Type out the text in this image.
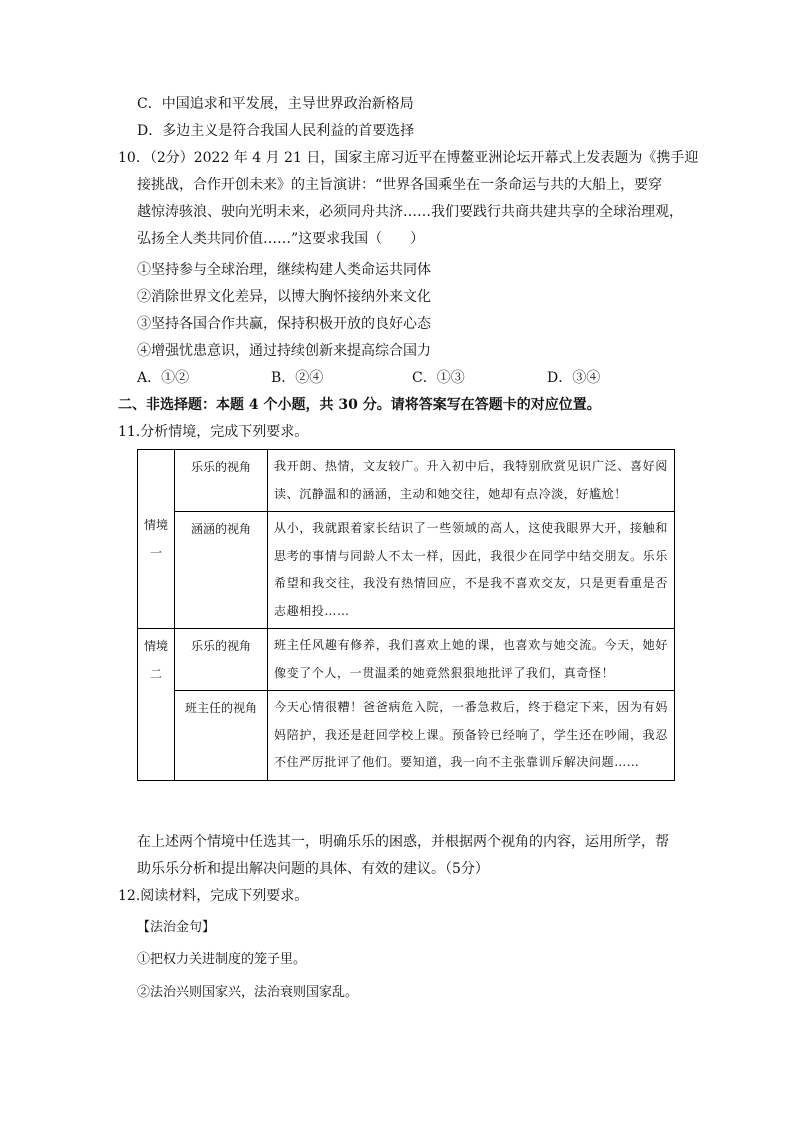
C．中国追求和平发展，主导世界政治新格局
D．多边主义是符合我国人民利益的首要选择
10．（2分）2022 年 4 月 21 日，国家主席习近平在博鳌亚洲论坛开幕式上发表题为《携手迎
接挑战，合作开创未来》的主旨演讲：“世界各国乘坐在一条命运与共的大船上，要穿
越惊涛骇浪、驶向光明未来，必须同舟共济……我们要践行共商共建共享的全球治理观，
弘扬全人类共同价值……”这要求我国（　　）
①坚持参与全球治理，继续构建人类命运共同体
②消除世界文化差异，以博大胸怀接纳外来文化
③坚持各国合作共赢，保持积极开放的良好心态
④增强忧患意识，通过持续创新来提高综合国力
A．①②	B．②④	C．①③	D．③④
二、非选择题：本题 4 个小题，共 30 分。请将答案写在答题卡的对应位置。
11.分析情境，完成下列要求。
情境
一	乐乐的视角	我开朗、热情，文友较广。升入初中后，我特别欣赏见识广泛、喜好阅读、沉静温和的涵涵，主动和她交往，她却有点冷淡，好尴尬！

	涵涵的视角	从小，我就跟着家长结识了一些领域的高人，这使我眼界大开，接触和思考的事情与同龄人不太一样，因此，我很少在同学中结交朋友。乐乐希望和我交往，我没有热情回应，不是我不喜欢交友，只是更看重是否志趣相投……

情境
二	乐乐的视角	班主任风趣有修养，我们喜欢上她的课，也喜欢与她交流。今天，她好像变了个人，一贯温柔的她竟然狠狠地批评了我们，真奇怪！

	班主任的视角	今天心情很糟！爸爸病危入院，一番急救后，终于稳定下来，因为有妈妈陪护，我还是赶回学校上课。预备铃已经响了，学生还在吵闹，我忍不住严厉批评了他们。要知道，我一向不主张靠训斥解决问题……
在上述两个情境中任选其一，明确乐乐的困惑，并根据两个视角的内容，运用所学，帮
助乐乐分析和提出解决问题的具体、有效的建议。（5分）
12.阅读材料，完成下列要求。
【法治金句】
①把权力关进制度的笼子里。
②法治兴则国家兴，法治衰则国家乱。
